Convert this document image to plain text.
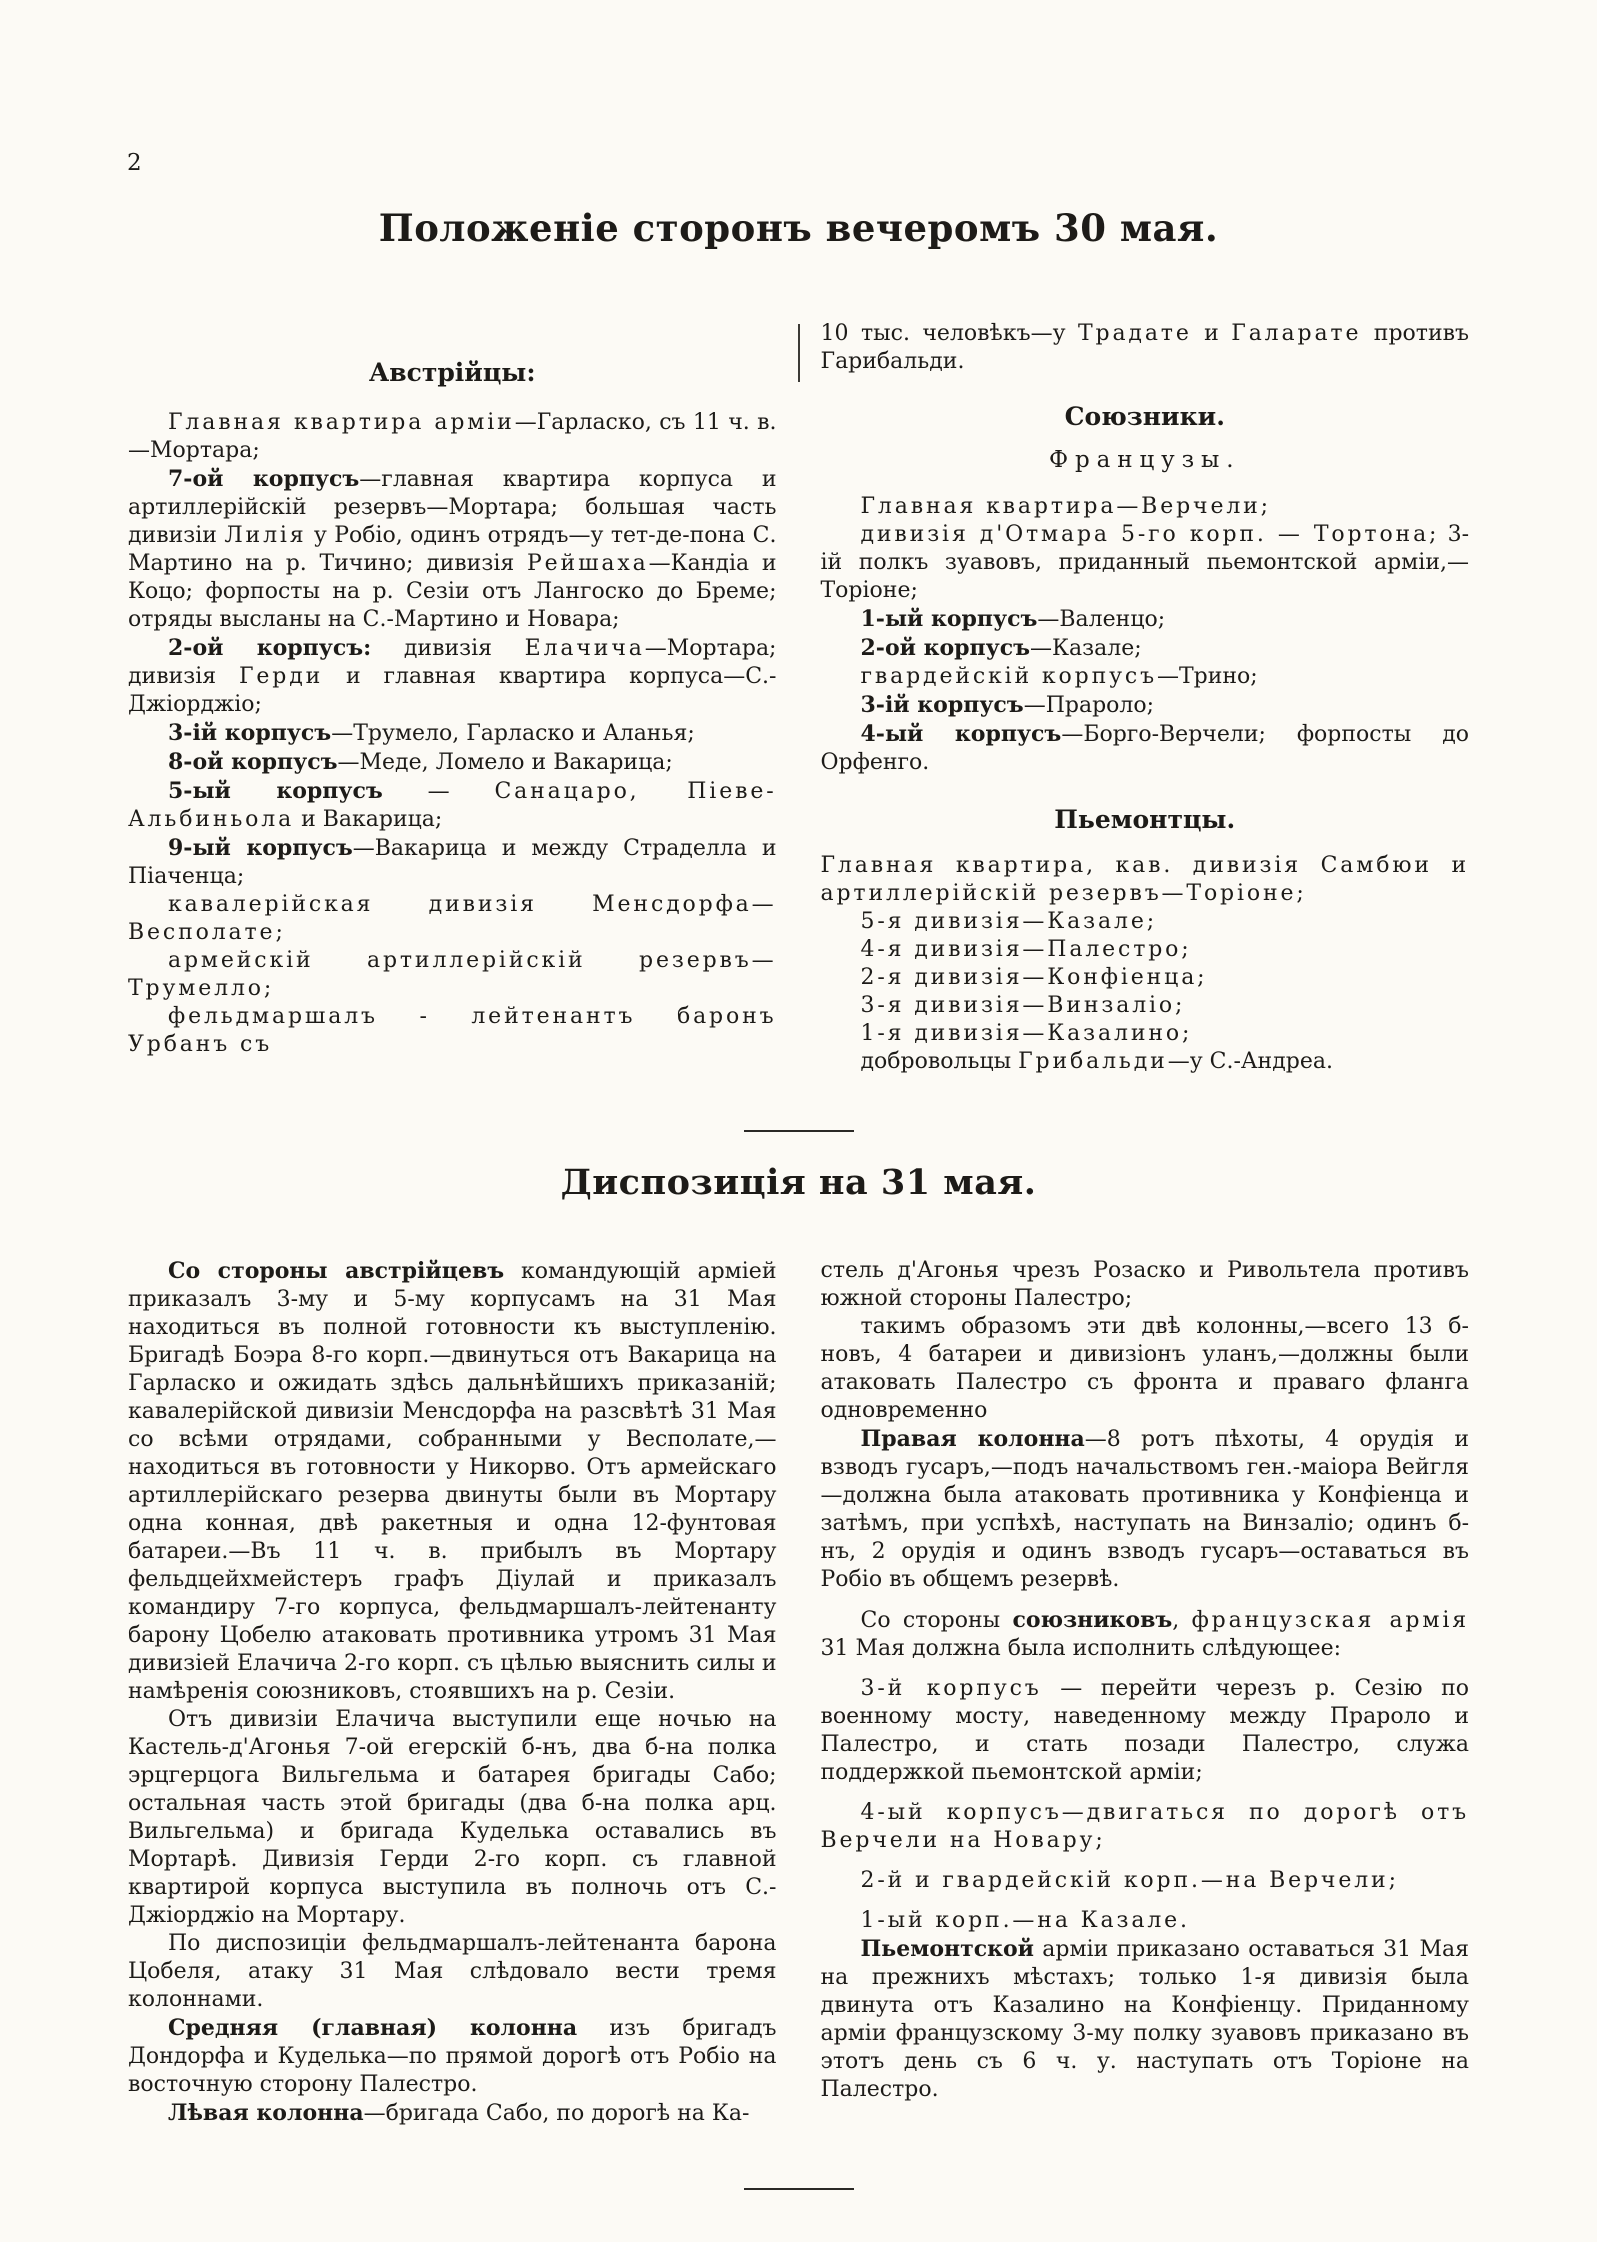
2
Положеніе сторонъ вечеромъ 30 мая.
Австрійцы:

Главная квартира арміи—Гарласко, съ 11 ч. в.—Мортара;

7-ой корпусъ—главная квартира корпуса и артиллерійскій резервъ—Мортара; большая часть дивизіи Лилія у Робіо, одинъ отрядъ—у тет-де-пона С. Мартино на р. Тичино; дивизія Рейшаха—Кандіа и Коцо; форпосты на р. Сезіи отъ Лангоско до Бреме; отряды высланы на С.-Мартино и Новара;

2-ой корпусъ: дивизія Елачича—Мортара; дивизія Герди и главная квартира корпуса—С.-Джіорджіо;

3-ій корпусъ—Трумело, Гарласко и Аланья;

8-ой корпусъ—Меде, Ломело и Вакарица;

5-ый корпусъ — Санацаро, Піеве-Альбиньола и Вакарица;

9-ый корпусъ—Вакарица и между Страделла и Піаченца;

кавалерійская дивизія Менсдорфа—Весполате;

армейскій артиллерійскій резервъ—Трумелло;

фельдмаршалъ - лейтенантъ баронъ Урбанъ съ

10 тыс. человѣкъ—у Традате и Галарате противъ Гарибальди.

Союзники.
Французы.

Главная квартира—Верчели;

дивизія д'Отмара 5-го корп. — Тортона; 3-ій полкъ зуавовъ, приданный пьемонтской арміи,—Торіоне;

1-ый корпусъ—Валенцо;

2-ой корпусъ—Казале;

гвардейскій корпусъ—Трино;

3-ій корпусъ—Прароло;

4-ый корпусъ—Борго-Верчели; форпосты до Орфенго.

Пьемонтцы.

Главная квартира, кав. дивизія Самбюи и артиллерійскій резервъ—Торіоне;

5-я дивизія—Казале;

4-я дивизія—Палестро;

2-я дивизія—Конфіенца;

3-я дивизія—Винзаліо;

1-я дивизія—Казалино;

добровольцы Грибальди—у С.-Андреа.

Диспозиція на 31 мая.

Со стороны австрійцевъ командующій арміей приказалъ 3-му и 5-му корпусамъ на 31 Мая находиться въ полной готовности къ выступленію. Бригадѣ Боэра 8-го корп.—двинуться отъ Вакарица на Гарласко и ожидать здѣсь дальнѣйшихъ приказаній; кавалерійской дивизіи Менсдорфа на разсвѣтѣ 31 Мая со всѣми отрядами, собранными у Весполате,—находиться въ готовности у Никорво. Отъ армейскаго артиллерійскаго резерва двинуты были въ Мортару одна конная, двѣ ракетныя и одна 12-фунтовая батареи.—Въ 11 ч. в. прибылъ въ Мортару фельдцейхмейстеръ графъ Діулай и приказалъ командиру 7-го корпуса, фельдмаршалъ-лейтенанту барону Цобелю атаковать противника утромъ 31 Мая дивизіей Елачича 2-го корп. съ цѣлью выяснить силы и намѣренія союзниковъ, стоявшихъ на р. Сезіи.

Отъ дивизіи Елачича выступили еще ночью на Кастель-д'Агонья 7-ой егерскій б-нъ, два б-на полка эрцгерцога Вильгельма и батарея бригады Сабо; остальная часть этой бригады (два б-на полка арц. Вильгельма) и бригада Куделька оставались въ Мортарѣ. Дивизія Герди 2-го корп. съ главной квартирой корпуса выступила въ полночь отъ С.-Джіорджіо на Мортару.

По диспозиціи фельдмаршалъ-лейтенанта барона Цобеля, атаку 31 Мая слѣдовало вести тремя колоннами.

Средняя (главная) колонна изъ бригадъ Дондорфа и Куделька—по прямой дорогѣ отъ Робіо на восточную сторону Палестро.

Лѣвая колонна—бригада Сабо, по дорогѣ на Ка-

стель д'Агонья чрезъ Розаско и Ривольтела противъ южной стороны Палестро;

такимъ образомъ эти двѣ колонны,—всего 13 б-новъ, 4 батареи и дивизіонъ уланъ,—должны были атаковать Палестро съ фронта и праваго фланга одновременно

Правая колонна—8 ротъ пѣхоты, 4 орудія и взводъ гусаръ,—подъ начальствомъ ген.-маіора Вейгля—должна была атаковать противника у Конфіенца и затѣмъ, при успѣхѣ, наступать на Винзаліо; одинъ б-нъ, 2 орудія и одинъ взводъ гусаръ—оставаться въ Робіо въ общемъ резервѣ.

Со стороны союзниковъ, французская армія 31 Мая должна была исполнить слѣдующее:

3-й корпусъ — перейти черезъ р. Сезію по военному мосту, наведенному между Прароло и Палестро, и стать позади Палестро, служа поддержкой пьемонтской арміи;

4-ый корпусъ—двигаться по дорогѣ отъ Верчели на Новару;

2-й и гвардейскій корп.—на Верчели;

1-ый корп.—на Казале.

Пьемонтской арміи приказано оставаться 31 Мая на прежнихъ мѣстахъ; только 1-я дивизія была двинута отъ Казалино на Конфіенцу. Приданному арміи французскому 3-му полку зуавовъ приказано въ этотъ день съ 6 ч. у. наступать отъ Торіоне на Палестро.
